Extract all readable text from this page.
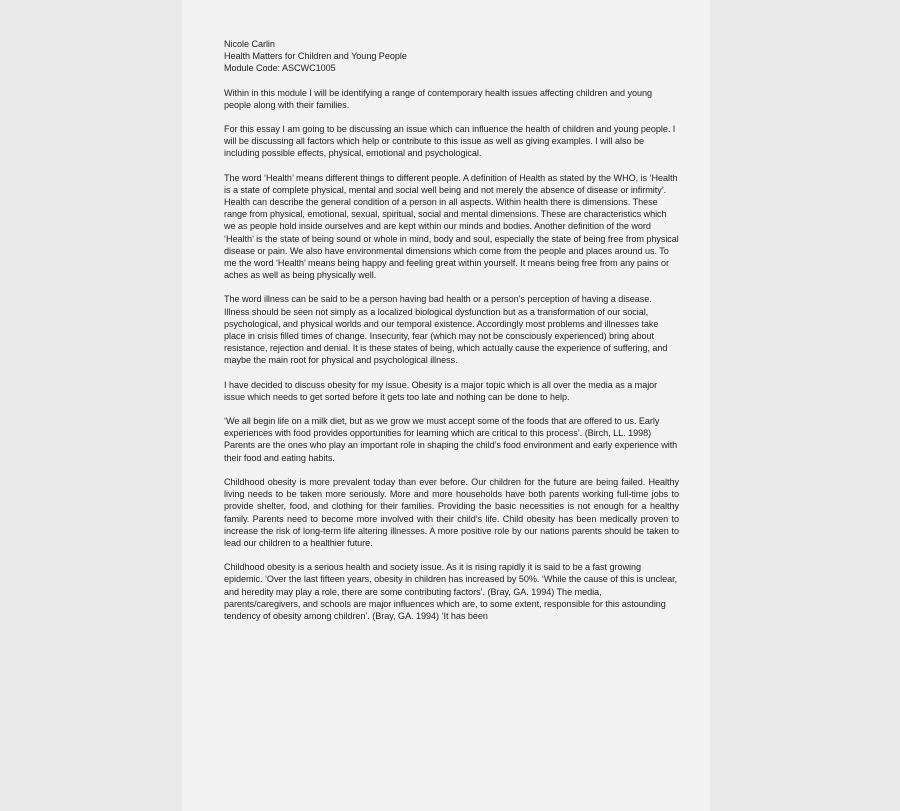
Nicole Carlin
Health Matters for Children and Young People
Module Code: ASCWC1005

Within in this module I will be identifying a range of contemporary health issues affecting children and young people along with their families.

For this essay I am going to be discussing an issue which can influence the health of children and young people. I will be discussing all factors which help or contribute to this issue as well as giving examples. I will also be including possible effects, physical, emotional and psychological.

The word ‘Health’ means different things to different people. A definition of Health as stated by the WHO, is ‘Health is a state of complete physical, mental and social well being and not merely the absence of disease or infirmity’. Health can describe the general condition of a person in all aspects. Within health there is dimensions. These range from physical, emotional, sexual, spiritual, social and mental dimensions. These are characteristics which we as people hold inside ourselves and are kept within our minds and bodies. Another definition of the word ‘Health’ is the state of being sound or whole in mind, body and soul, especially the state of being free from physical disease or pain. We also have environmental dimensions which come from the people and places around us. To me the word ‘Health’ means being happy and feeling great within yourself. It means being free from any pains or aches as well as being physically well.

The word illness can be said to be a person having bad health or a person’s perception of having a disease. Illness should be seen not simply as a localized biological dysfunction but as a transformation of our social, psychological, and physical worlds and our temporal existence. Accordingly most problems and illnesses take place in crisis filled times of change. Insecurity, fear (which may not be consciously experienced) bring about resistance, rejection and denial. It is these states of being, which actually cause the experience of suffering, and maybe the main root for physical and psychological illness.

I have decided to discuss obesity for my issue. Obesity is a major topic which is all over the media as a major issue which needs to get sorted before it gets too late and nothing can be done to help.

‘We all begin life on a milk diet, but as we grow we must accept some of the foods that are offered to us. Early experiences with food provides opportunities for learning which are critical to this process’. (Birch, LL. 1998) Parents are the ones who play an important role in shaping the child’s food environment and early experience with their food and eating habits.

Childhood obesity is more prevalent today than ever before. Our children for the future are being failed. Healthy living needs to be taken more seriously. More and more households have both parents working full-time jobs to provide shelter, food, and clothing for their families. Providing the basic necessities is not enough for a healthy family. Parents need to become more involved with their child’s life. Child obesity has been medically proven to increase the risk of long-term life altering illnesses. A more positive role by our nations parents should be taken to lead our children to a healthier future.

Childhood obesity is a serious health and society issue. As it is rising rapidly it is said to be a fast growing epidemic. ‘Over the last fifteen years, obesity in children has increased by 50%. ‘While the cause of this is unclear, and heredity may play a role, there are some contributing factors’. (Bray, GA. 1994) The media, parents/caregivers, and schools are major influences which are, to some extent, responsible for this astounding tendency of obesity among children’. (Bray, GA. 1994) ‘It has been
